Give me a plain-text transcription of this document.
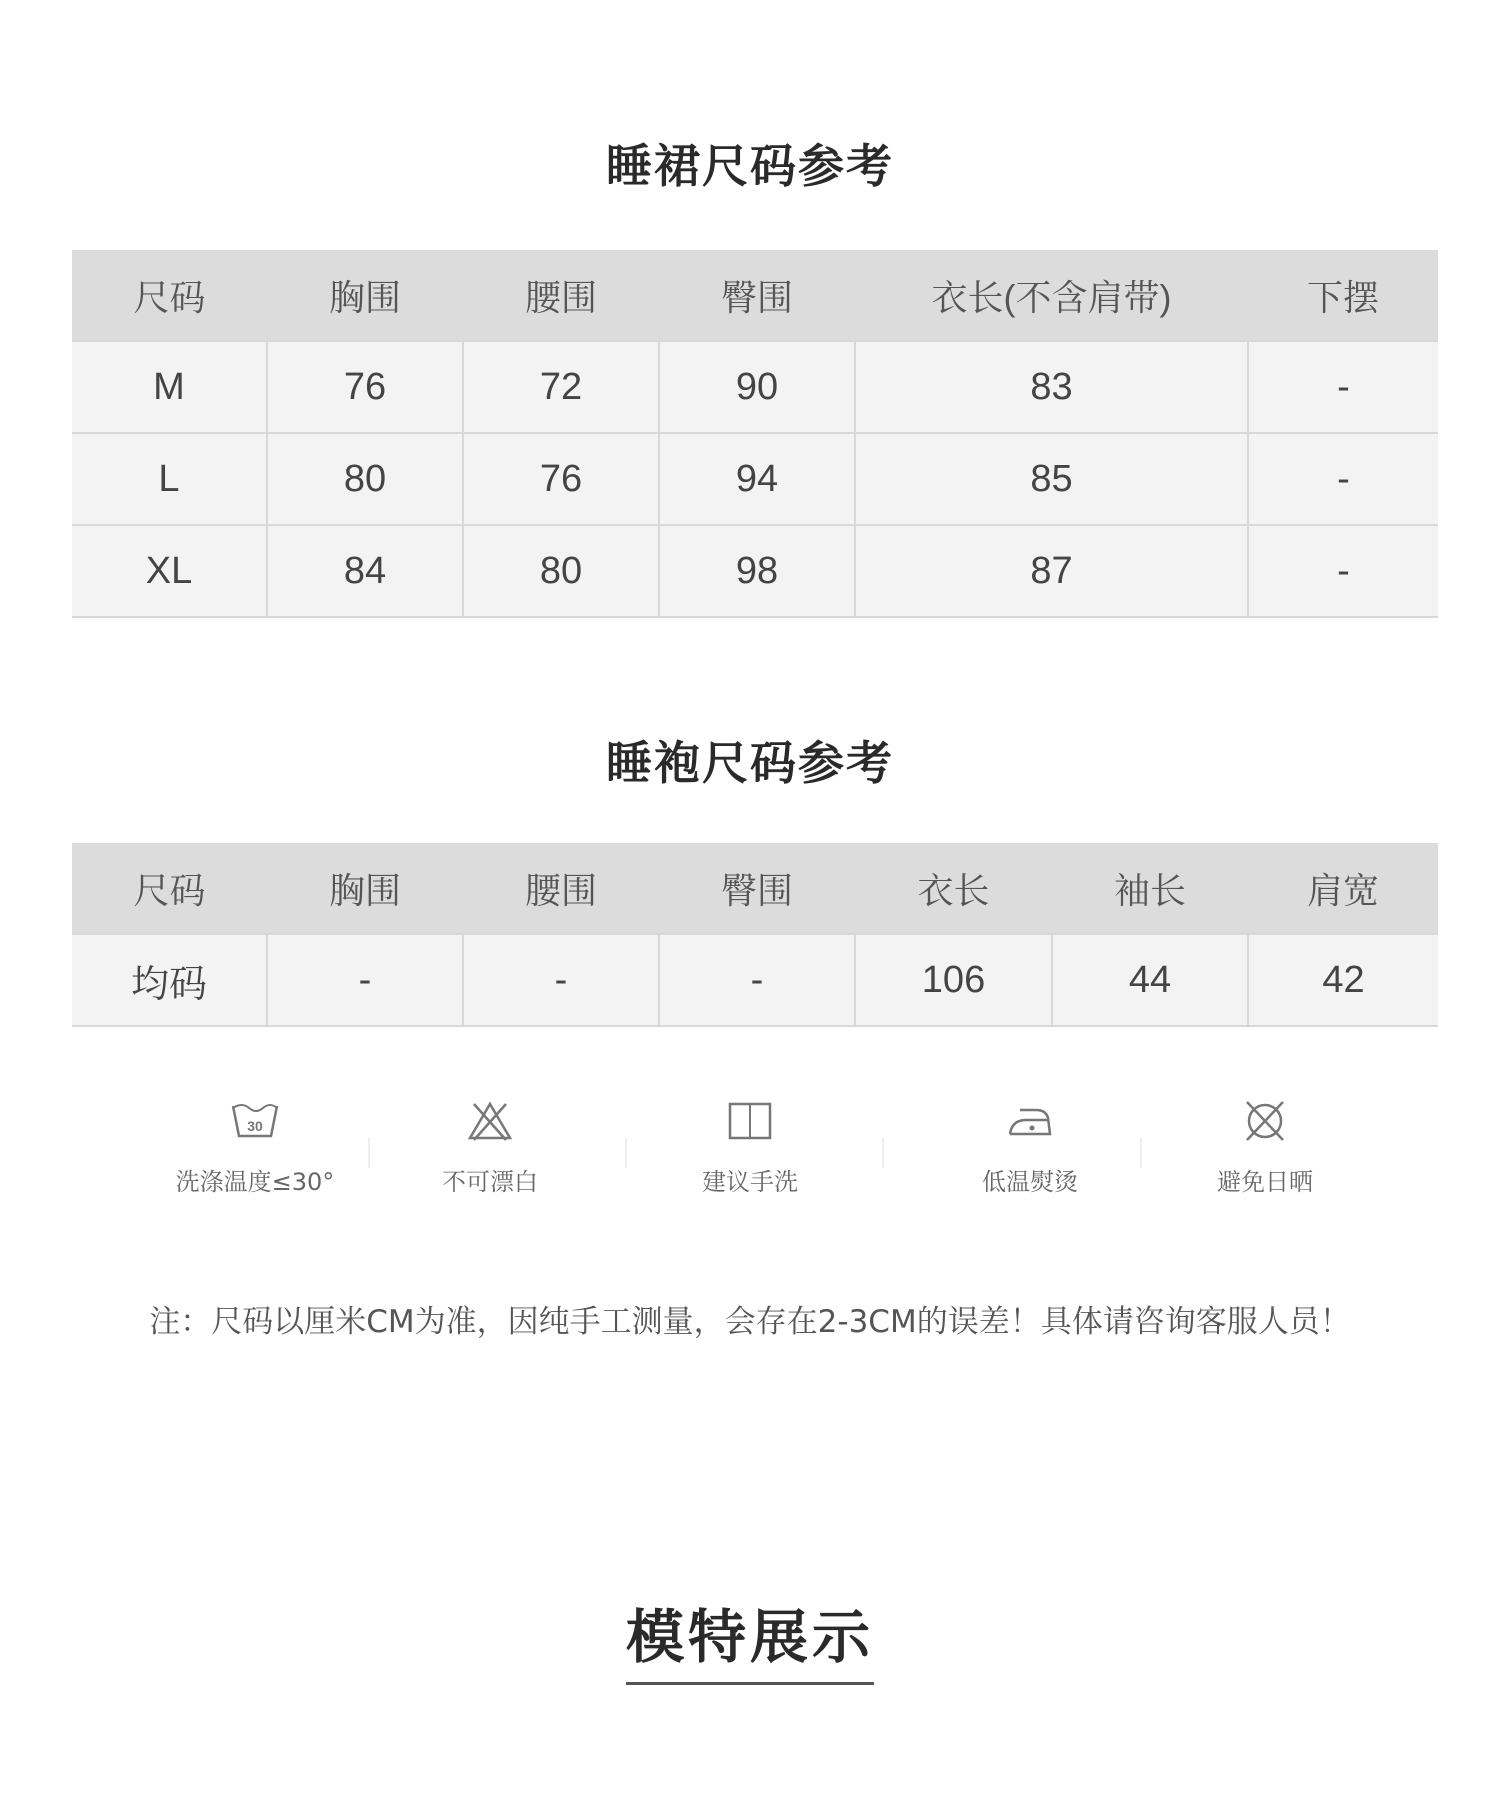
睡裙尺码参考
尺码	胸围	腰围	臀围	衣长(不含肩带)	下摆
M	76	72	90	83	-
L	80	76	94	85	-
XL	84	80	98	87	-
睡袍尺码参考
尺码	胸围	腰围	臀围	衣长	袖长	肩宽
均码	-	-	-	106	44	42
30
洗涤温度≤30°	不可漂白	建议手洗	低温熨烫	避免日晒
注：尺码以厘米CM为准，因纯手工测量，会存在2-3CM的误差！具体请咨询客服人员！
模特展示
